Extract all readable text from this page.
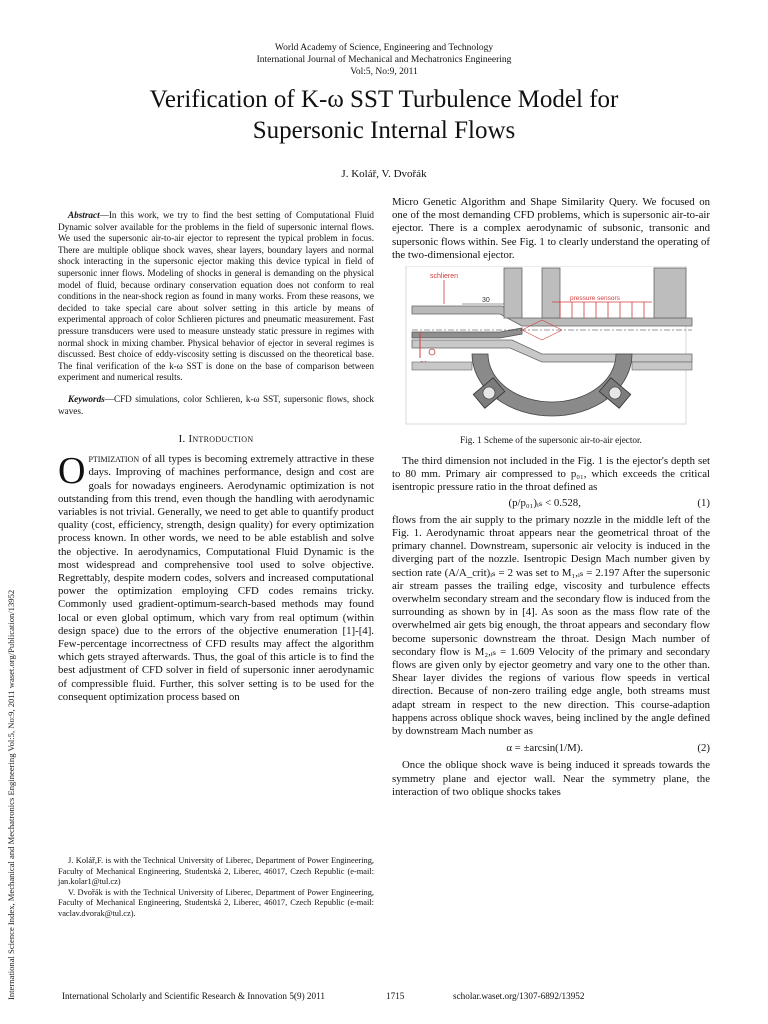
World Academy of Science, Engineering and Technology
International Journal of Mechanical and Mechatronics Engineering
Vol:5, No:9, 2011
Verification of K-ω SST Turbulence Model for
Supersonic Internal Flows
J. Kolář, V. Dvořák
International Science Index, Mechanical and Mechatronics Engineering Vol:5, No:9, 2011 waset.org/Publication/13952

Abstract—In this work, we try to find the best setting of Computational Fluid Dynamic solver available for the problems in the field of supersonic internal flows. We used the supersonic air-to-air ejector to represent the typical problem in focus. There are multiple oblique shock waves, shear layers, boundary layers and normal shock interacting in the supersonic ejector making this device typical in field of supersonic inner flows. Modeling of shocks in general is demanding on the physical model of fluid, because ordinary conservation equation does not conform to real conditions in the near-shock region as found in many works. From these reasons, we decided to take special care about solver setting in this article by means of experimental approach of color Schlieren pictures and pneumatic measurement. Fast pressure transducers were used to measure unsteady static pressure in regimes with normal shock in mixing chamber. Physical behavior of ejector in several regimes is discussed. Best choice of eddy-viscosity setting is discussed on the theoretical base. The final verification of the k-ω SST is done on the base of comparison between experiment and numerical results.

Keywords—CFD simulations, color Schlieren, k-ω SST, supersonic flows, shock waves.

I. Introduction

Optimization of all types is becoming extremely attractive in these days. Improving of machines performance, design and cost are goals for nowadays engineers. Aerodynamic optimization is not outstanding from this trend, even though the handling with aerodynamic variables is not trivial. Generally, we need to get able to quantify product quality (cost, efficiency, strength, design quality) for every optimization process known. In other words, we need to be able establish and solve the objective. In aerodynamics, Computational Fluid Dynamic is the most widespread and comprehensive tool used to solve objective. Regrettably, despite modern codes, solvers and increased computational power the optimization employing CFD codes remains tricky. Commonly used gradient-optimum-search-based methods may found local or even global optimum, which vary from real optimum (within design space) due to the errors of the objective enumeration [1]-[4]. Few-percentage incorrectness of CFD results may affect the algorithm which gets strayed afterwards. Thus, the goal of this article is to find the best adjustment of CFD solver in field of supersonic inner aerodynamic of compressible fluid. Further, this solver setting is to be used for the consequent optimization process based on

J. Kolář,F. is with the Technical University of Liberec, Department of Power Engineering, Faculty of Mechanical Engineering, Studentská 2, Liberec, 46017, Czech Republic (e-mail: jan.kolar1@tul.cz)

V. Dvořák is with the Technical University of Liberec, Department of Power Engineering, Faculty of Mechanical Engineering, Studentská 2, Liberec, 46017, Czech Republic (e-mail: vaclav.dvorak@tul.cz).

Micro Genetic Algorithm and Shape Similarity Query. We focused on one of the most demanding CFD problems, which is supersonic air-to-air ejector. There is a complex aerodynamic of subsonic, transonic and supersonic flows within. See Fig. 1 to clearly understand the operating of the two-dimensional ejector.

schlieren
pressure sensors
30
Fig. 1 Scheme of the supersonic air-to-air ejector.

The third dimension not included in the Fig. 1 is the ejector's depth set to 80 mm. Primary air compressed to p₀₁, which exceeds the critical isentropic pressure ratio in the throat defined as

(p/p₀₁)ᵢₛ < 0.528,	(1)

flows from the air supply to the primary nozzle in the middle left of the Fig. 1. Aerodynamic throat appears near the geometrical throat of the primary channel. Downstream, supersonic air velocity is induced in the diverging part of the nozzle. Isentropic Design Mach number given by section rate (A/A_crit)ᵢₛ = 2 was set to M₁,ᵢₛ = 2.197 After the supersonic air stream passes the trailing edge, viscosity and turbulence effects overwhelm secondary stream and the secondary flow is induced from the surrounding as shown by in [4]. As soon as the mass flow rate of the overwhelmed air gets big enough, the throat appears and secondary flow become supersonic downstream the throat. Design Mach number of secondary flow is M₂,ᵢₛ = 1.609 Velocity of the primary and secondary flows are given only by ejector geometry and vary one to the other than. Shear layer divides the regions of various flow speeds in vertical direction. Because of non-zero trailing edge angle, both streams must adapt stream in respect to the new direction. This course-adaption happens across oblique shock waves, being inclined by the angle defined by downstream Mach number as

α = ±arcsin(1/M).	(2)

Once the oblique shock wave is being induced it spreads towards the symmetry plane and ejector wall. Near the symmetry plane, the interaction of two oblique shocks takes

International Scholarly and Scientific Research & Innovation 5(9) 2011	1715	scholar.waset.org/1307-6892/13952
